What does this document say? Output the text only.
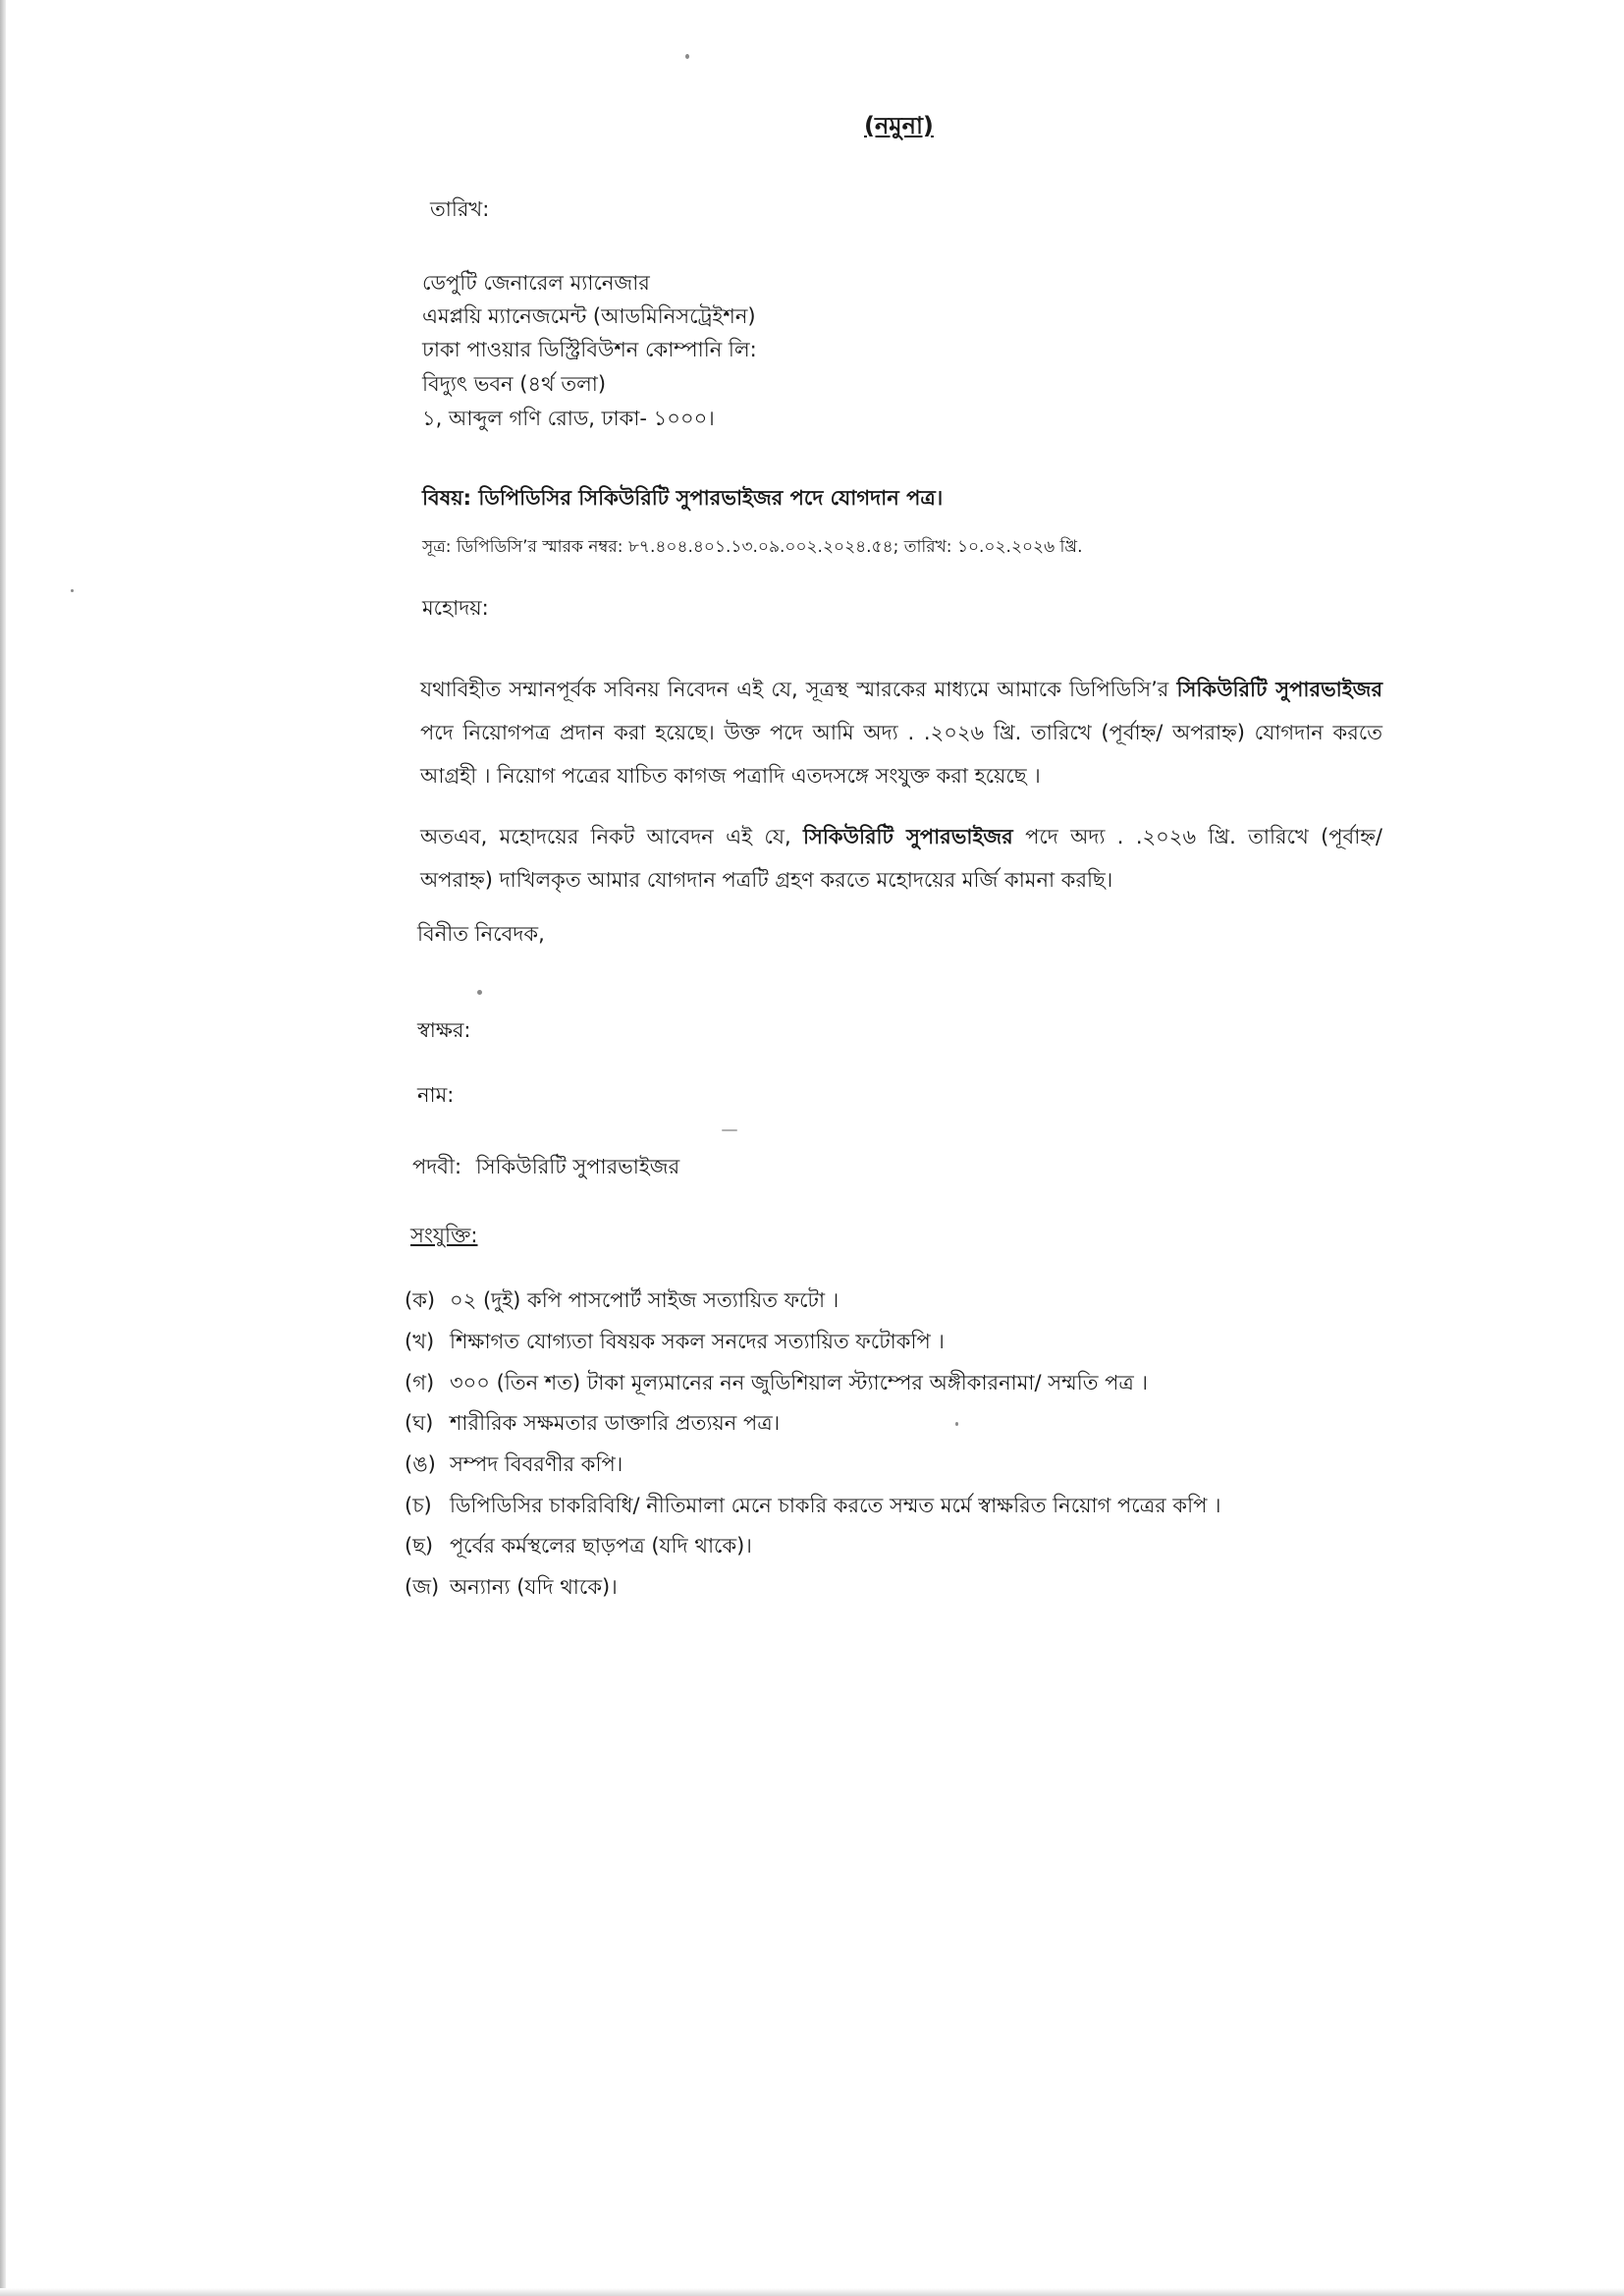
(নমুনা)
তারিখ:
ডেপুটি জেনারেল ম্যানেজার
এমপ্লয়ি ম্যানেজমেন্ট (আডমিনিসট্রেইশন)
ঢাকা পাওয়ার ডিস্ট্রিবিউশন কোম্পানি লি:
বিদ্যুৎ ভবন (৪র্থ তলা)
১, আব্দুল গণি রোড, ঢাকা- ১০০০।
বিষয়: ডিপিডিসির সিকিউরিটি সুপারভাইজর পদে যোগদান পত্র।
সূত্র: ডিপিডিসি’র স্মারক নম্বর: ৮৭.৪০৪.৪০১.১৩.০৯.০০২.২০২৪.৫৪; তারিখ: ১০.০২.২০২৬ খ্রি.
মহোদয়:
যথাবিহীত সম্মানপূর্বক সবিনয় নিবেদন এই যে, সূত্রস্থ স্মারকের মাধ্যমে আমাকে ডিপিডিসি’র সিকিউরিটি সুপারভাইজর পদে নিয়োগপত্র প্রদান করা হয়েছে। উক্ত পদে আমি অদ্য . .২০২৬ খ্রি. তারিখে (পূর্বাহ্ন/ অপরাহ্ন) যোগদান করতে আগ্রহী । নিয়োগ পত্রের যাচিত কাগজ পত্রাদি এতদসঙ্গে সংযুক্ত করা হয়েছে ।
অতএব, মহোদয়ের নিকট আবেদন এই যে, সিকিউরিটি সুপারভাইজর পদে অদ্য . .২০২৬ খ্রি. তারিখে (পূর্বাহ্ন/ অপরাহ্ন) দাখিলকৃত আমার যোগদান পত্রটি গ্রহণ করতে মহোদয়ের মর্জি কামনা করছি।
বিনীত নিবেদক,
স্বাক্ষর:
নাম:
পদবী: সিকিউরিটি সুপারভাইজর
সংযুক্তি:
(ক) ০২ (দুই) কপি পাসপোর্ট সাইজ সত্যায়িত ফটো ।
(খ) শিক্ষাগত যোগ্যতা বিষয়ক সকল সনদের সত্যায়িত ফটোকপি ।
(গ) ৩০০ (তিন শত) টাকা মূল্যমানের নন জুডিশিয়াল স্ট্যাম্পের অঙ্গীকারনামা/ সম্মতি পত্র ।
(ঘ) শারীরিক সক্ষমতার ডাক্তারি প্রত্যয়ন পত্র।
(ঙ) সম্পদ বিবরণীর কপি।
(চ) ডিপিডিসির চাকরিবিধি/ নীতিমালা মেনে চাকরি করতে সম্মত মর্মে স্বাক্ষরিত নিয়োগ পত্রের কপি ।
(ছ) পূর্বের কর্মস্থলের ছাড়পত্র (যদি থাকে)।
(জ) অন্যান্য (যদি থাকে)।
